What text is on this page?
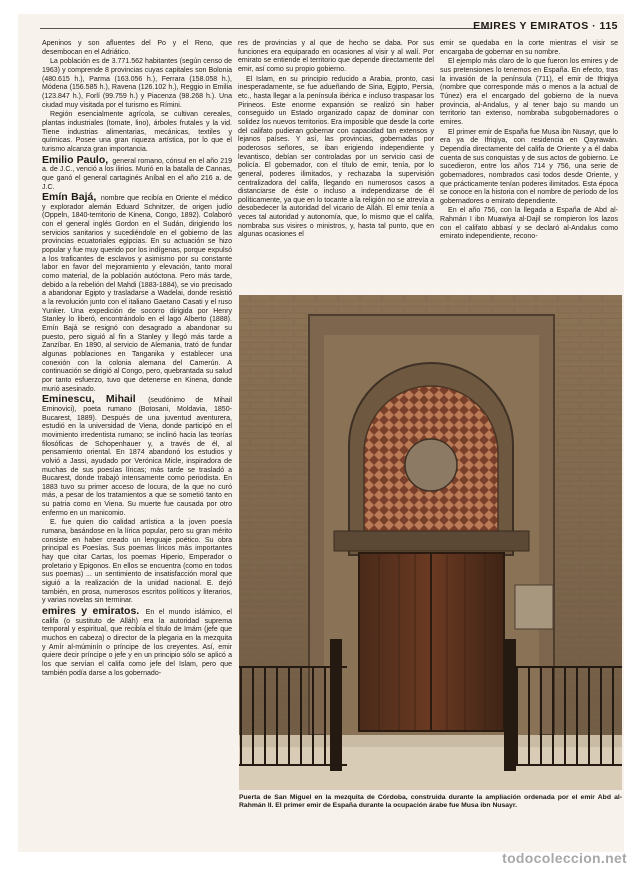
EMIRES Y EMIRATOS · 115

Apeninos y son afluentes del Po y el Reno, que desembocan en el Adriático.

La población es de 3.771.562 habitantes (según censo de 1963) y comprende 8 provincias cuyas capitales son Bolonia (480.615 h.), Parma (163.056 h.), Ferrara (158.058 h.), Módena (156.585 h.), Ravena (126.102 h.), Reggio in Emilia (123.847 h.), Forlí (99.759 h.) y Piacenza (98.268 h.). Una ciudad muy visitada por el turismo es Rímini.

Región esencialmente agrícola, se cultivan cereales, plantas industriales (tomate, lino), árboles frutales y la vid. Tiene industrias alimentarias, mecánicas, textiles y químicas. Posee una gran riqueza artística, por lo que el turismo alcanza gran importancia.

Emilio Paulo, general romano, cónsul en el año 219 a. de J.C., venció a los ilirios. Murió en la batalla de Cannas, que ganó el general cartaginés Aníbal en el año 216 a. de J.C.

Emín Bajá, nombre que recibía en Oriente el médico y explorador alemán Eduard Schnitzer, de origen judío (Oppeln, 1840-territorio de Kinena, Congo, 1892). Colaboró con el general inglés Gordon en el Sudán, dirigiendo los servicios sanitarios y sucediéndole en el gobierno de las provincias ecuatoriales egipcias. En su actuación se hizo popular y fue muy querido por los indígenas, porque expulsó a los traficantes de esclavos y asimismo por su constante labor en favor del mejoramiento y elevación, tanto moral como material, de la población autóctona. Pero más tarde, debido a la rebelión del Mahdi (1883-1884), se vio precisado a abandonar Egipto y trasladarse a Wadelai, donde resistió a la revolución junto con el italiano Gaetano Casati y el ruso Yunker. Una expedición de socorro dirigida por Henry Stanley lo liberó, encontrándolo en el lago Alberto (1888). Emín Bajá se resignó con desagrado a abandonar su puesto, pero siguió al fin a Stanley y llegó más tarde a Zanzíbar. En 1890, al servicio de Alemania, trató de fundar algunas poblaciones en Tanganika y establecer una conexión con la colonia alemana del Camerún. A continuación se dirigió al Congo, pero, quebrantada su salud por tanto esfuerzo, tuvo que detenerse en Kinena, donde murió asesinado.

Eminescu, Mihail (seudónimo de Mihail Eminovici), poeta rumano (Botosani, Moldavia, 1850-Bucarest, 1889). Después de una juventud aventurera, estudió en la universidad de Viena, donde participó en el movimiento irredentista rumano; se inclinó hacia las teorías filosóficas de Schopenhauer y, a través de él, al pensamiento oriental. En 1874 abandonó los estudios y volvió a Jassi, ayudado por Verónica Micle, inspiradora de muchas de sus poesías líricas; más tarde se trasladó a Bucarest, donde trabajó intensamente como periodista. En 1883 tuvo su primer acceso de locura, de la que no curó más, a pesar de los tratamientos a que se sometió tanto en su patria como en Viena. Su muerte fue causada por otro enfermo en un manicomio.

E. fue quien dio calidad artística a la joven poesía rumana, basándose en la lírica popular, pero su gran mérito consiste en haber creado un lenguaje poético. Su obra principal es Poesías. Sus poemas líricos más importantes hay que citar Cartas, los poemas Hiperio, Emperador o proletario y Epigonos. En ellos se encuentra (como en todos sus poemas) ... un sentimiento de insatisfacción moral que siguió a la realización de la unidad nacional. E. dejó también, en prosa, numerosos escritos políticos y literarios, y varias novelas sin terminar.

emires y emiratos. En el mundo islámico, el califa (o sustituto de Alláh) era la autoridad suprema temporal y espiritual, que recibía el título de Imám (jefe que muchos en cabeza) o director de la plegaria en la mezquita y Amír al-múminín o príncipe de los creyentes. Así, emir quiere decir príncipe o jefe y en un principio sólo se aplicó a los que servían el califa como jefe del Islam, pero que también podía darse a los gobernado-

res de provincias y al que de hecho se daba. Por sus funciones era equiparado en ocasiones al visir y al walí. Por emirato se entiende el territorio que depende directamente del emir, así como su propio gobierno.

El Islam, en su principio reducido a Arabia, pronto, casi inesperadamente, se fue adueñando de Siria, Egipto, Persia, etc., hasta llegar a la península ibérica e incluso traspasar los Pirineos. Este enorme expansión se realizó sin haber conseguido un Estado organizado capaz de dominar con solidez los nuevos territorios. Era imposible que desde la corte del califato pudieran gobernar con capacidad tan extensos y lejanos países. Y así, las provincias, gobernadas por poderosos señores, se iban erigiendo independiente y levantisco, debían ser controladas por un servicio casi de policía. El gobernador, con el título de emir, tenía, por lo general, poderes ilimitados, y rechazaba la supervisión centralizadora del califa, llegando en numerosos casos a distanciarse de éste o incluso a independizarse de él políticamente, ya que en lo tocante a la religión no se atrevía a desobedecer la autoridad del vicario de Alláh. El emir tenía a veces tal autoridad y autonomía, que, lo mismo que el califa, nombraba sus visires o ministros, y, hasta tal punto, que en algunas ocasiones el

emir se quedaba en la corte mientras el visir se encargaba de gobernar en su nombre.

El ejemplo más claro de lo que fueron los emires y de sus pretensiones lo tenemos en España. En efecto, tras la invasión de la península (711), el emir de Ifriqiya (nombre que corresponde más o menos a la actual de Túnez) era el encargado del gobierno de la nueva provincia, al-Andalus, y al tener bajo su mando un territorio tan extenso, nombraba subgobernadores o emires.

El primer emir de España fue Musa ibn Nusayr, que lo era ya de Ifriqiya, con residencia en Qayrawán. Dependía directamente del califa de Oriente y a él daba cuenta de sus conquistas y de sus actos de gobierno. Le sucedieron, entre los años 714 y 756, una serie de gobernadores, nombrados casi todos desde Oriente, y que prácticamente tenían poderes ilimitados. Esta época se conoce en la historia con el nombre de período de los gobernadores o emirato dependiente.

En el año 756, con la llegada a España de Abd al-Rahmán I ibn Muawiya al-Dajil se rompieron los lazos con el califato abbasí y se declaró al-Andalus como emirato independiente, recono-

Puerta de San Miguel en la mezquita de Córdoba, construida durante la ampliación ordenada por el emir Abd al-Rahmán II. El primer emir de España durante la ocupación árabe fue Musa ibn Nusayr.
todocoleccion.net
